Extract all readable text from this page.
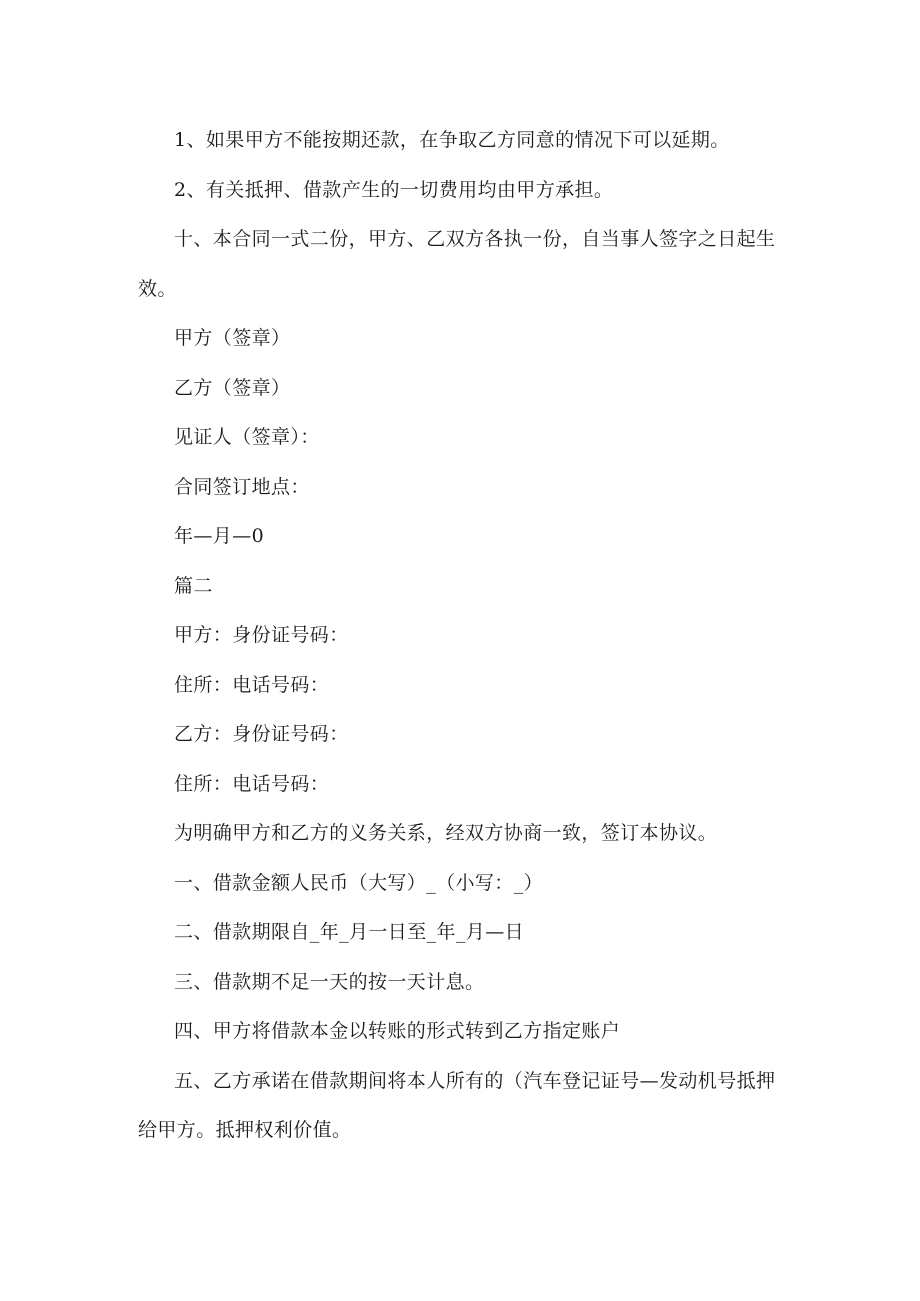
1、如果甲方不能按期还款，在争取乙方同意的情况下可以延期。

2、有关抵押、借款产生的一切费用均由甲方承担。

十、本合同一式二份，甲方、乙双方各执一份，自当事人签字之日起生效。

甲方（签章）

乙方（签章）

见证人（签章）：

合同签订地点：

年—月—0

篇二

甲方：身份证号码：

住所：电话号码：

乙方：身份证号码：

住所：电话号码：

为明确甲方和乙方的义务关系，经双方协商一致，签订本协议。

一、借款金额人民币（大写）_（小写：_）

二、借款期限自_年_月一日至_年_月—日

三、借款期不足一天的按一天计息。

四、甲方将借款本金以转账的形式转到乙方指定账户

五、乙方承诺在借款期间将本人所有的（汽车登记证号—发动机号抵押给甲方。抵押权利价值。
